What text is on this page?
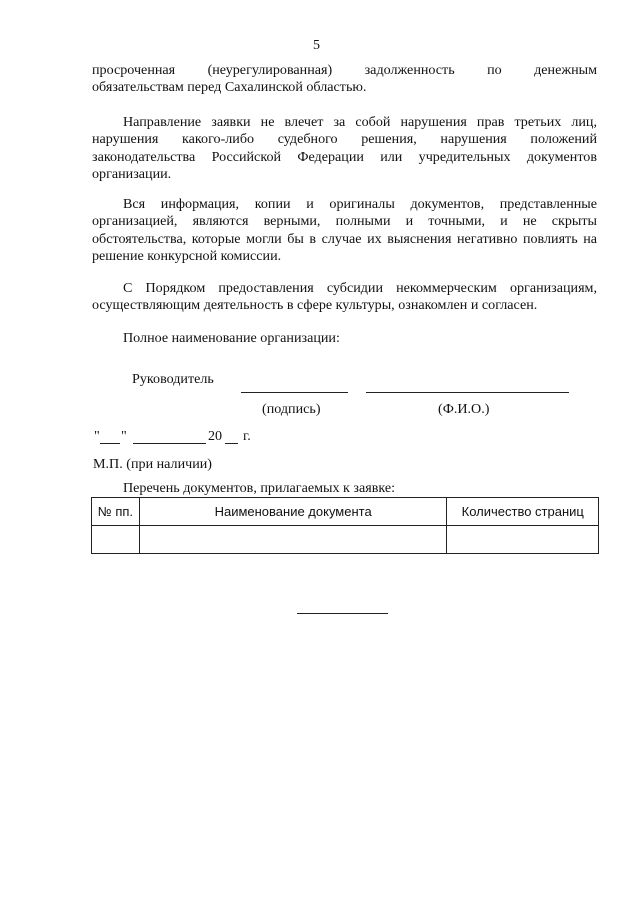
5
просроченная (неурегулированная) задолженность по денежным
обязательствам перед Сахалинской областью.
Направление заявки не влечет за собой нарушения прав третьих лиц, нарушения какого-либо судебного решения, нарушения положений законодательства Российской Федерации или учредительных документов организации.
Вся информация, копии и оригиналы документов, представленные организацией, являются верными, полными и точными, и не скрыты обстоятельства, которые могли бы в случае их выяснения негативно повлиять на решение конкурсной комиссии.
С Порядком предоставления субсидии некоммерческим организациям, осуществляющим деятельность в сфере культуры, ознакомлен и согласен.
Полное наименование организации:
Руководитель
(подпись)	(Ф.И.О.)
" "	20 г.
М.П. (при наличии)
Перечень документов, прилагаемых к заявке:
№ пп.	Наименование документа	Количество страниц
